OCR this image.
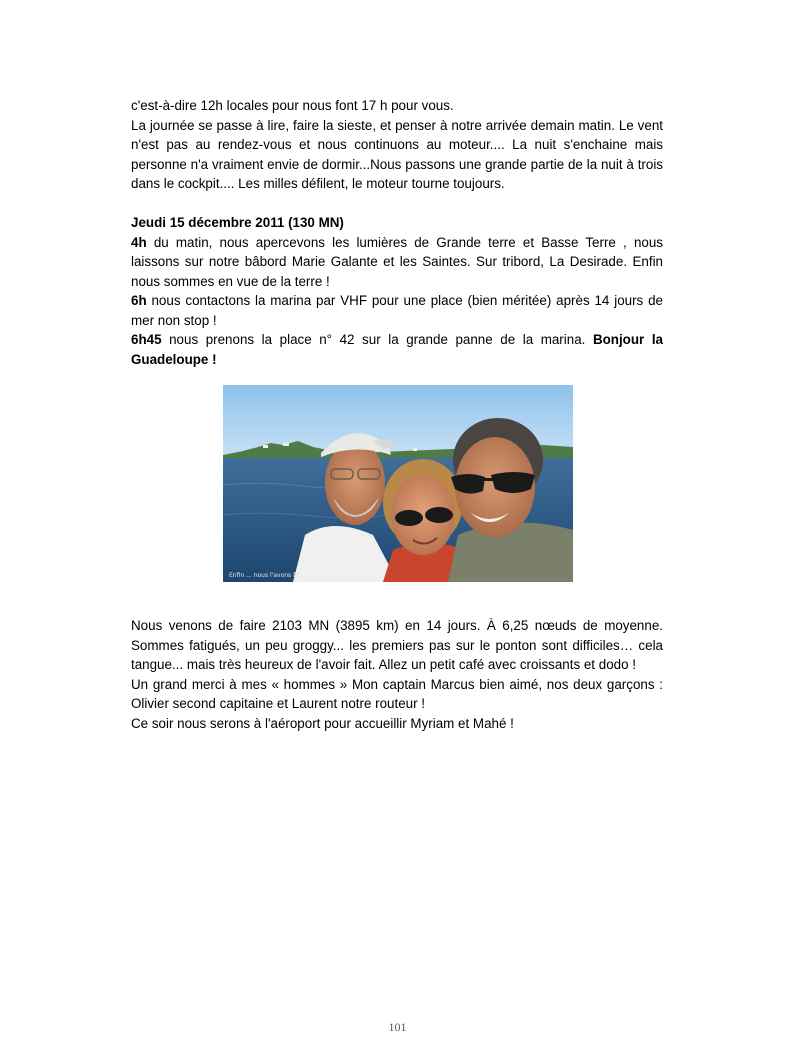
c'est-à-dire 12h locales pour nous font 17 h pour vous.

La journée se passe à lire, faire la sieste, et penser à notre arrivée demain matin. Le vent n'est pas au rendez-vous et nous continuons au moteur.... La nuit s'enchaine mais personne n'a vraiment envie de dormir...Nous passons une grande partie de la nuit à trois dans le cockpit.... Les milles défilent, le moteur tourne toujours.

Jeudi 15 décembre 2011 (130 MN)

4h du matin, nous apercevons les lumières de Grande terre et Basse Terre , nous laissons sur notre bâbord Marie Galante et les Saintes. Sur tribord, La Desirade. Enfin nous sommes en vue de la terre !

6h nous contactons la marina par VHF pour une place (bien méritée) après 14 jours de mer non stop !

6h45 nous prenons la place n° 42 sur la grande panne de la marina. Bonjour la Guadeloupe !

Enfin ... nous l'avons fait !

Nous venons de faire 2103 MN (3895 km) en 14 jours. À 6,25 nœuds de moyenne. Sommes fatigués, un peu groggy... les premiers pas sur le ponton sont difficiles… cela tangue... mais très heureux de l'avoir fait. Allez un petit café avec croissants et dodo !

Un grand merci à mes « hommes » Mon captain Marcus bien aimé, nos deux garçons : Olivier second capitaine et Laurent notre routeur !

Ce soir nous serons à l'aéroport pour accueillir Myriam et Mahé !

101
